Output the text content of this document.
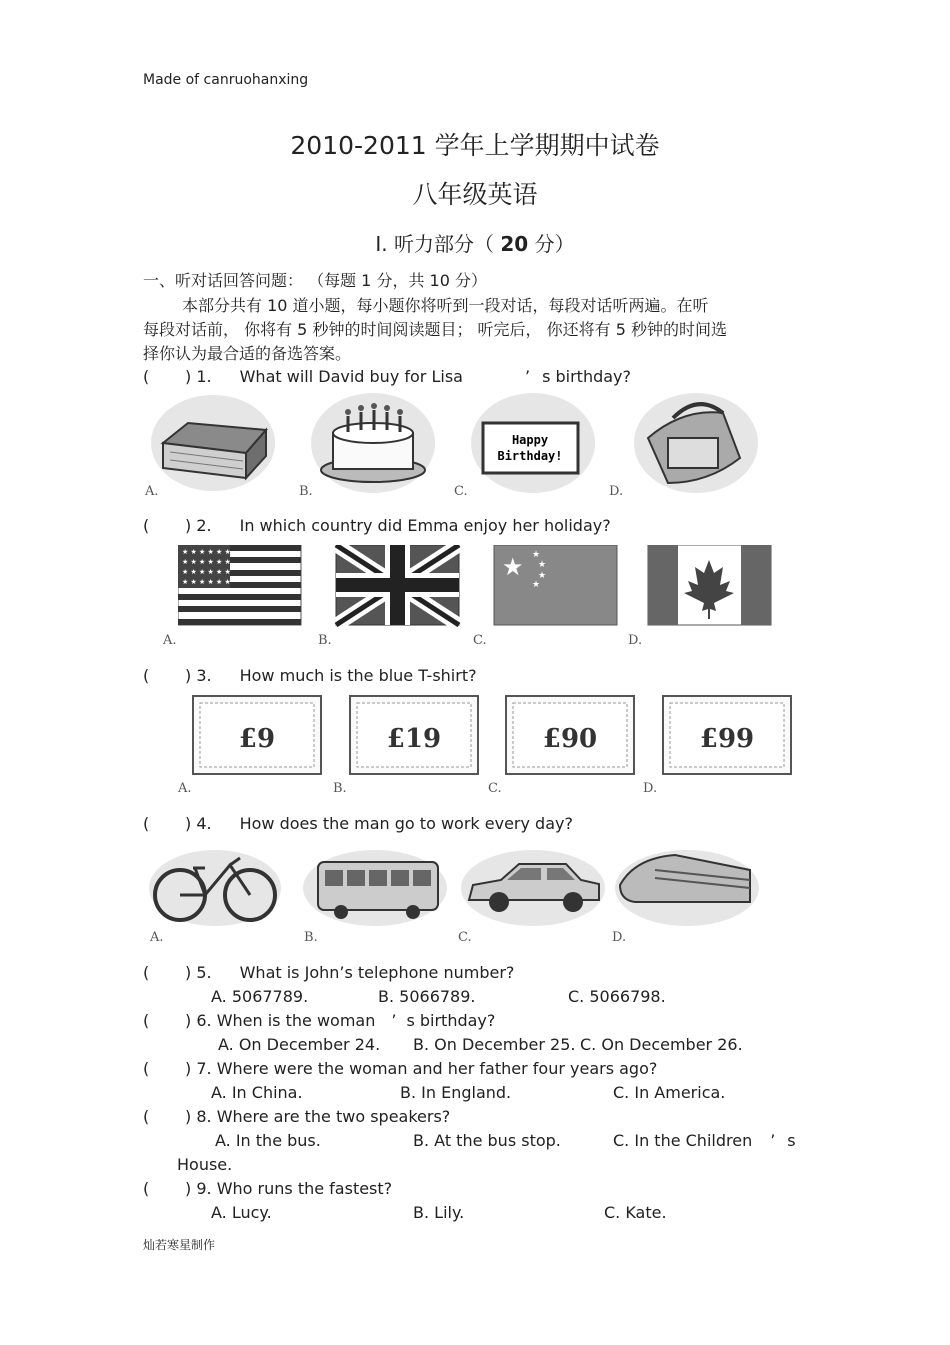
Made of canruohanxing
2010-2011 学年上学期期中试卷
八年级英语
I. 听力部分（ 20 分）
一、听对话回答问题： （每题 1 分，共 10 分）
本部分共有 10 道小题，每小题你将听到一段对话，每段对话听两遍。在听
每段对话前， 你将有 5 秒钟的时间阅读题目； 听完后， 你还将有 5 秒钟的时间选
择你认为最合适的备选答案。
( ) 1. What will David buy for Lisa	’ s birthday?
Happy
Birthday!
A.	B.	C.	D.
( ) 2. In which country did Emma enjoy her holiday?
★ ★ ★ ★ ★ ★
★ ★ ★ ★ ★ ★
★ ★ ★ ★ ★ ★
★ ★ ★ ★ ★ ★
★ ★
★
★
★
A.	B.	C.	D.
( ) 3. How much is the blue T-shirt?
£9	£19	£90	£99
A.	B.	C.	D.
( ) 4. How does the man go to work every day?
A.	B.	C.	D.
( ) 5. What is John’s telephone number?
A. 5067789.	B. 5066789.	C. 5066798.
( ) 6. When is the woman ’ s birthday?
A. On December 24. B. On December 25. C. On December 26.
( ) 7. Where were the woman and her father four years ago?
A. In China.	B. In England.	C. In America.
( ) 8. Where are the two speakers?
A. In the bus.	B. At the bus stop.	C. In the Children ’ s
House.
( ) 9. Who runs the fastest?
A. Lucy.	B. Lily.	C. Kate.
灿若寒星制作
